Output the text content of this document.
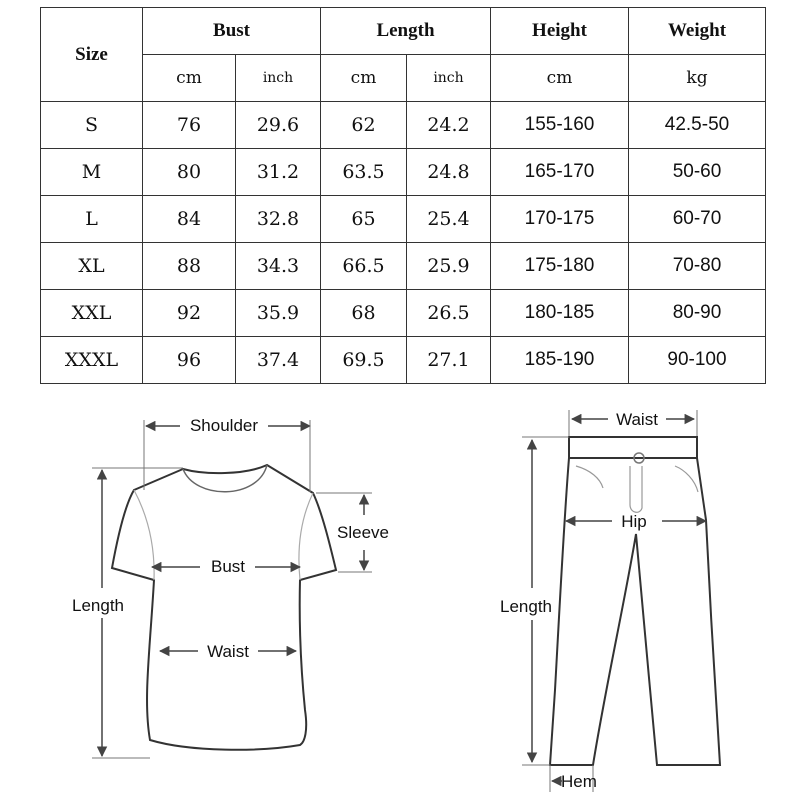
Size	Bust		Length		Height	Weight
	cm	inch	cm	inch	cm	kg
S	76	29.6	62	24.2	155-160	42.5-50
M	80	31.2	63.5	24.8	165-170	50-60
L	84	32.8	65	25.4	170-175	60-70
XL	88	34.3	66.5	25.9	175-180	70-80
XXL	92	35.9	68	26.5	180-185	80-90
XXXL	96	37.4	69.5	27.1	185-190	90-100
Shoulder
Sleeve
Bust
Waist
Length
Waist
Hip
Length
Hem
